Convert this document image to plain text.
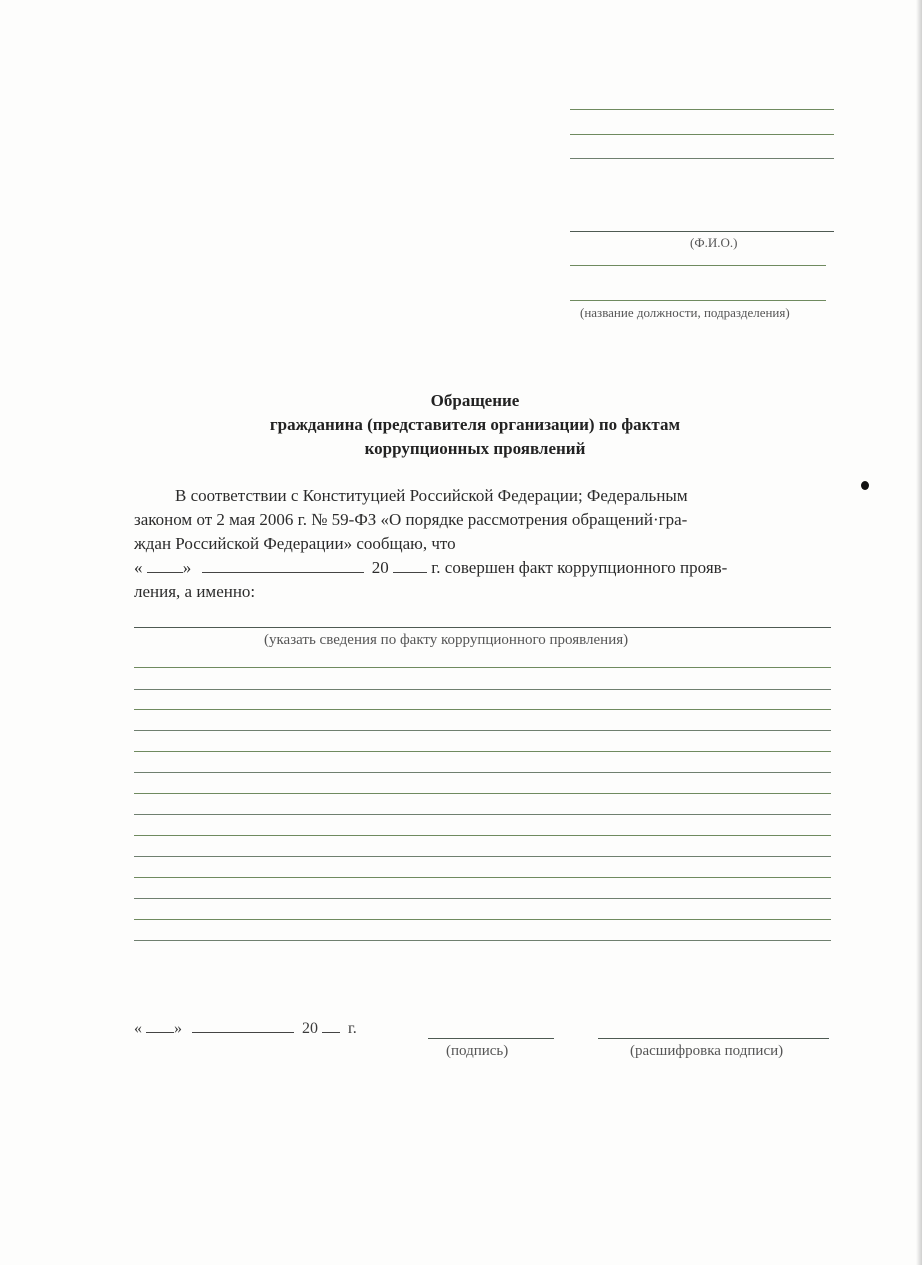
(Ф.И.О.)
(название должности, подразделения)
Обращение
гражданина (представителя организации) по фактам
коррупционных проявлений
В соответствии с Конституцией Российской Федерации; Федеральным
законом от 2 мая 2006 г. № 59-ФЗ «О порядке рассмотрения обращений·гра-
ждан Российской Федерации» сообщаю, что
« »	20	г. совершен факт коррупционного прояв-
ления, а именно:
(указать сведения по факту коррупционного проявления)
« »	20 г.
(подпись)	(расшифровка подписи)
